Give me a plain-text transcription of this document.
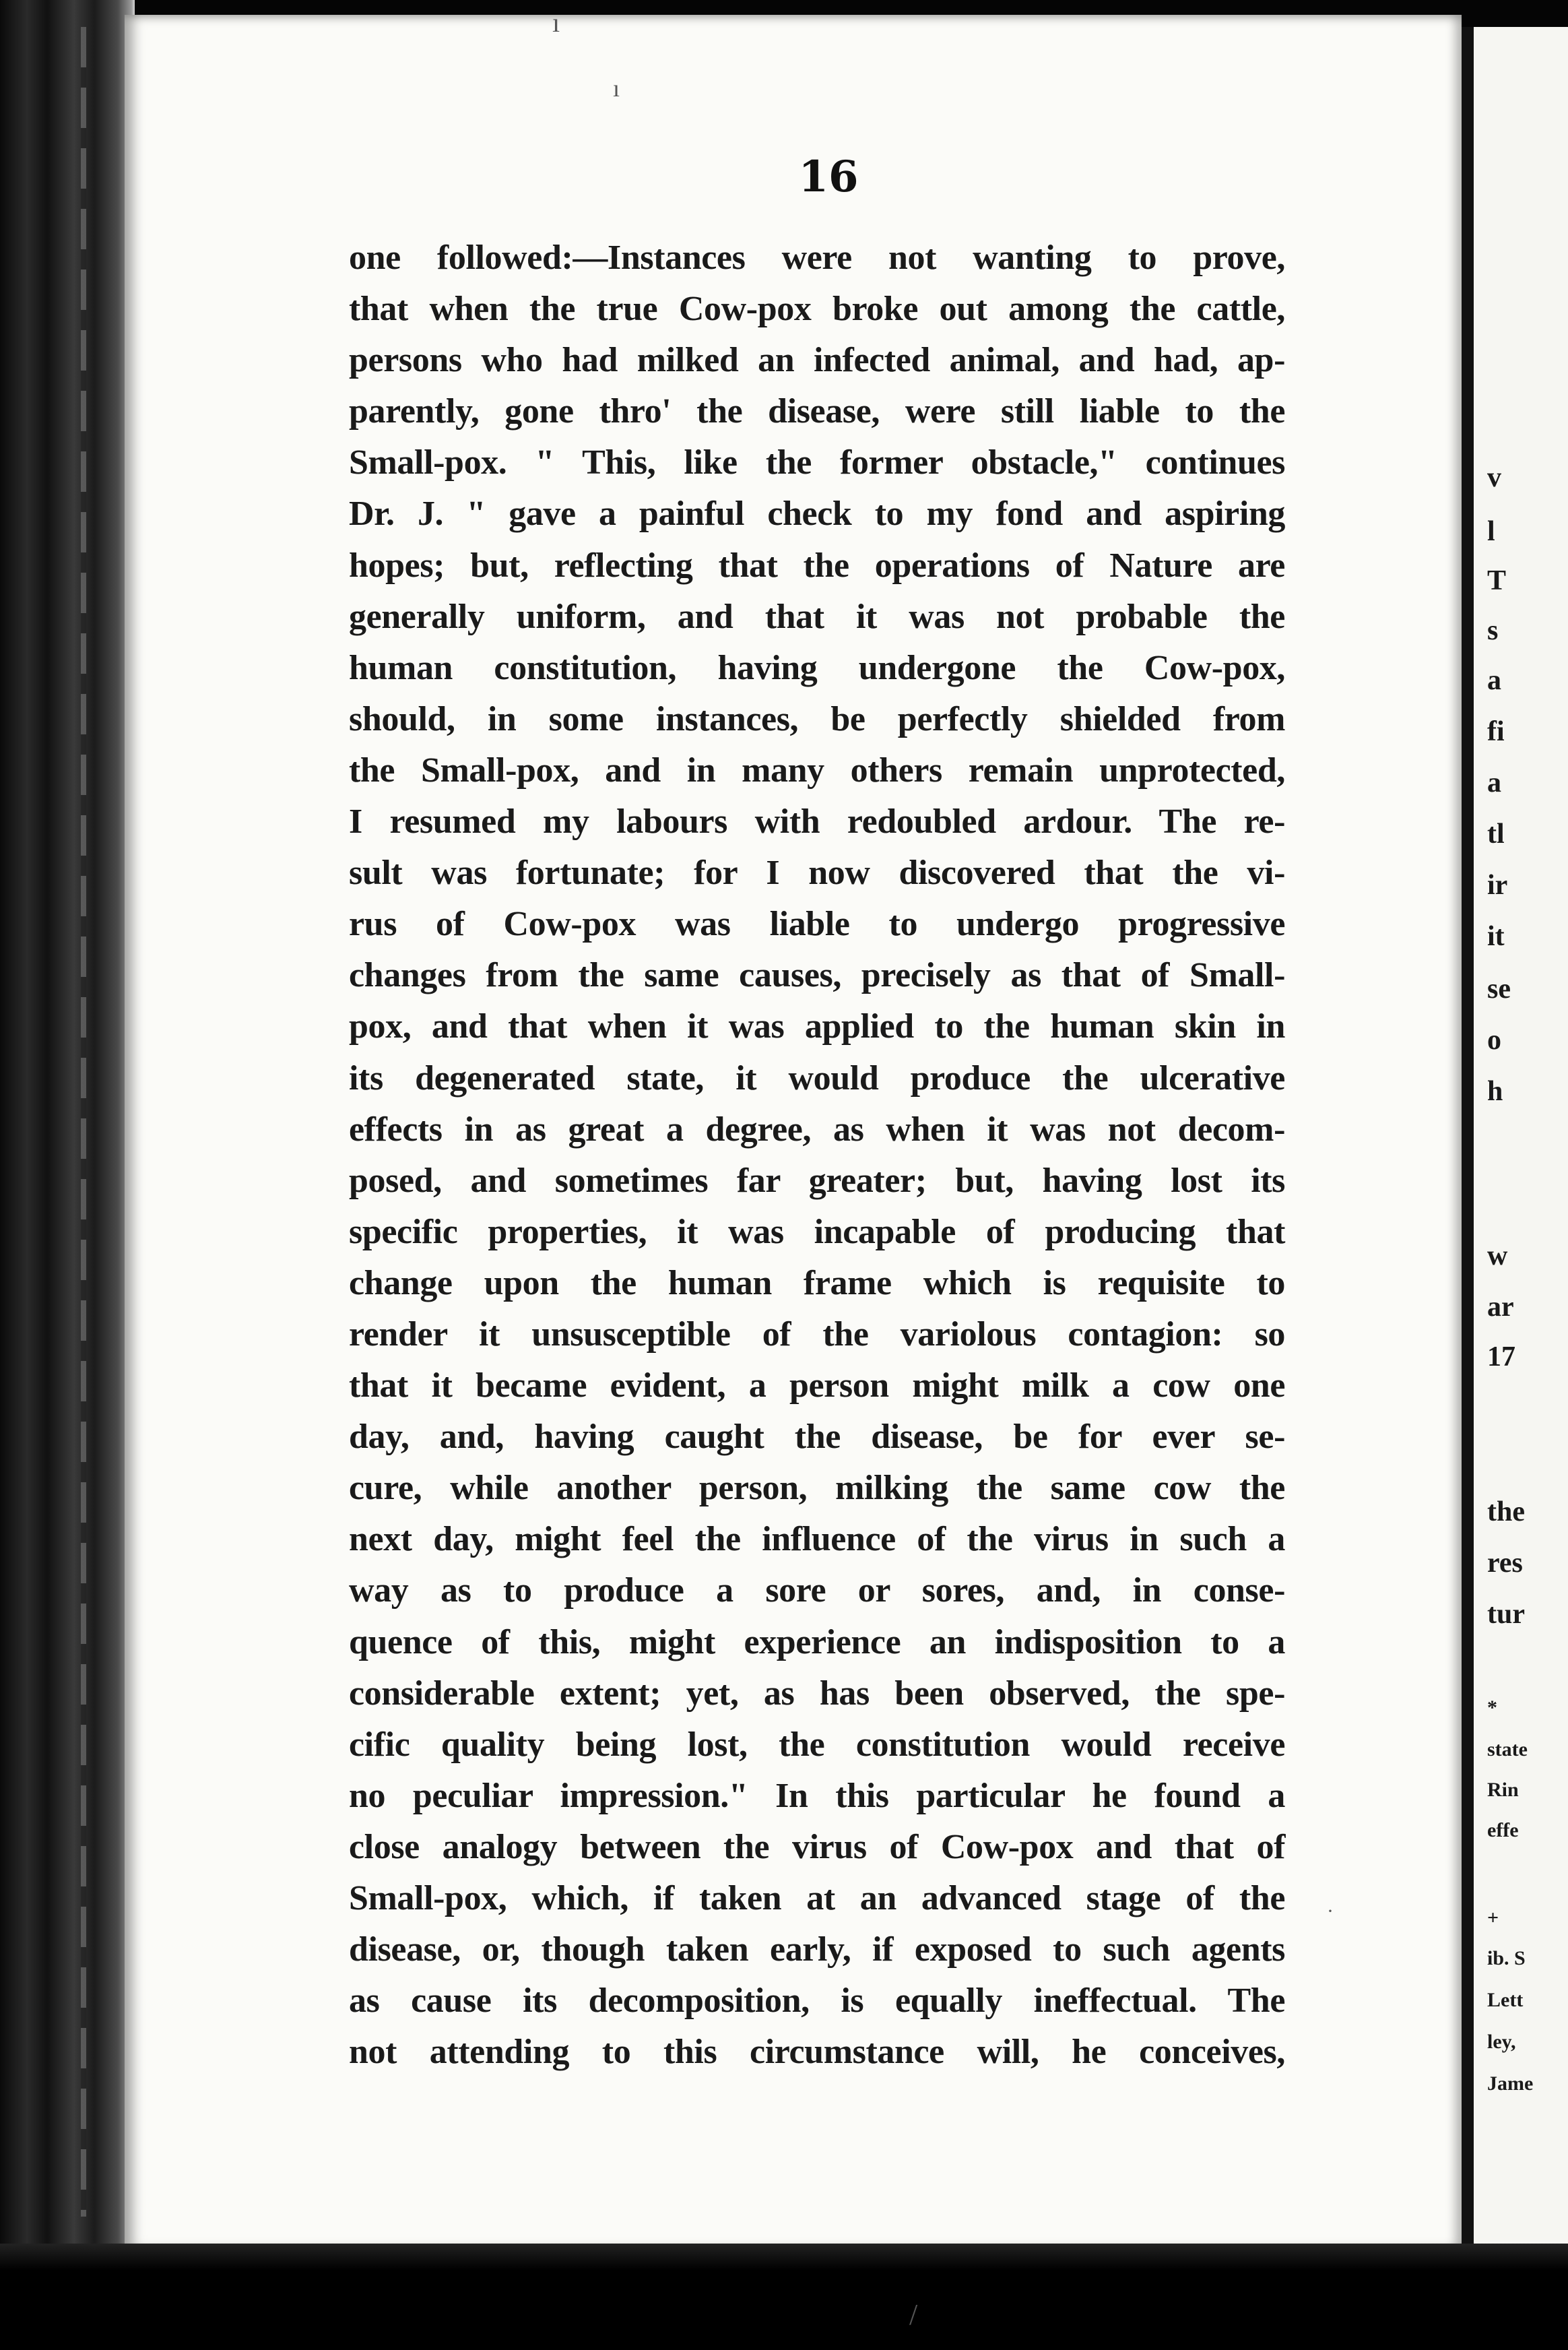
v
l
T
s
a
fi
a
tl
ir
it
se
o
h
w
ar
17
the
res
tur
*
state
Rin
effe
+
ib. S
Lett
ley,
Jame
ı
ı
/
·
16
one followed:—Instances were not wanting to prove,
that when the true Cow-pox broke out among the cattle,
persons who had milked an infected animal, and had, ap-
parently, gone thro' the disease, were still liable to the
Small-pox. " This, like the former obstacle," continues
Dr. J. " gave a painful check to my fond and aspiring
hopes; but, reflecting that the operations of Nature are
generally uniform, and that it was not probable the
human constitution, having undergone the Cow-pox,
should, in some instances, be perfectly shielded from
the Small-pox, and in many others remain unprotected,
I resumed my labours with redoubled ardour. The re-
sult was fortunate; for I now discovered that the vi-
rus of Cow-pox was liable to undergo progressive
changes from the same causes, precisely as that of Small-
pox, and that when it was applied to the human skin in
its degenerated state, it would produce the ulcerative
effects in as great a degree, as when it was not decom-
posed, and sometimes far greater; but, having lost its
specific properties, it was incapable of producing that
change upon the human frame which is requisite to
render it unsusceptible of the variolous contagion: so
that it became evident, a person might milk a cow one
day, and, having caught the disease, be for ever se-
cure, while another person, milking the same cow the
next day, might feel the influence of the virus in such a
way as to produce a sore or sores, and, in conse-
quence of this, might experience an indisposition to a
considerable extent; yet, as has been observed, the spe-
cific quality being lost, the constitution would receive
no peculiar impression." In this particular he found a
close analogy between the virus of Cow-pox and that of
Small-pox, which, if taken at an advanced stage of the
disease, or, though taken early, if exposed to such agents
as cause its decomposition, is equally ineffectual. The
not attending to this circumstance will, he conceives,
